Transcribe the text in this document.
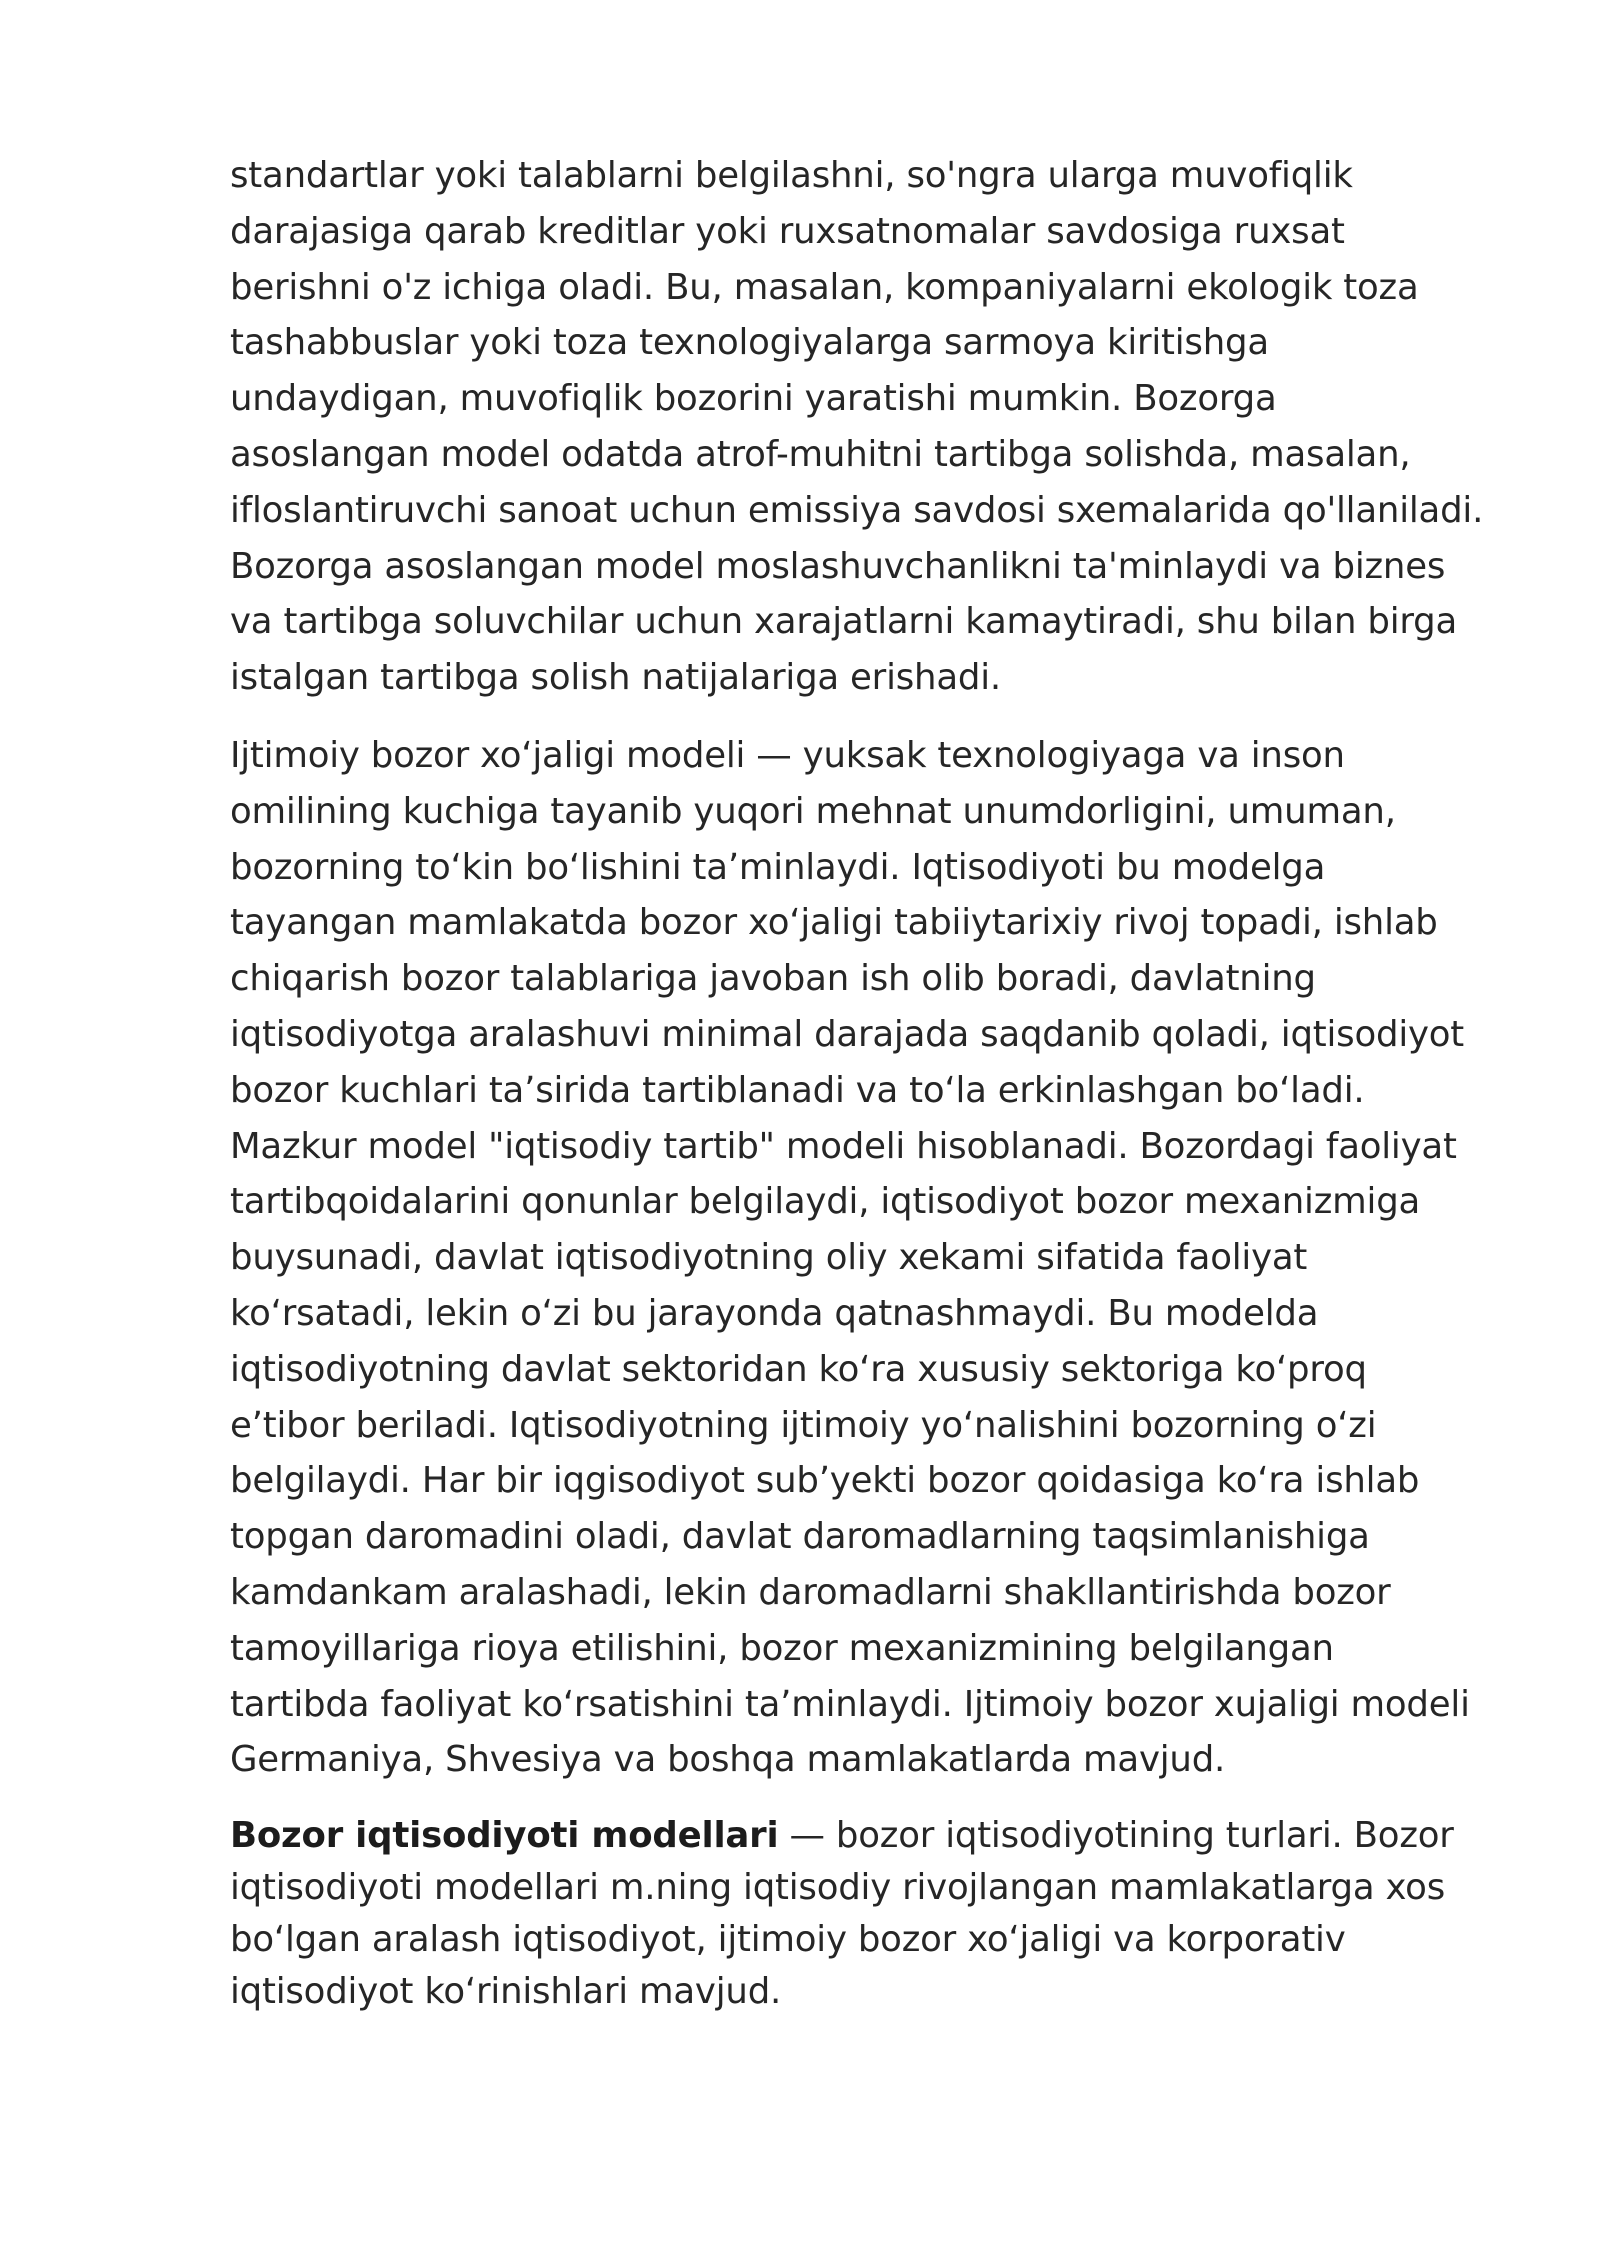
standartlar yoki talablarni belgilashni, so'ngra ularga muvofiqlik
darajasiga qarab kreditlar yoki ruxsatnomalar savdosiga ruxsat
berishni o'z ichiga oladi. Bu, masalan, kompaniyalarni ekologik toza
tashabbuslar yoki toza texnologiyalarga sarmoya kiritishga
undaydigan, muvofiqlik bozorini yaratishi mumkin. Bozorga
asoslangan model odatda atrof-muhitni tartibga solishda, masalan,
ifloslantiruvchi sanoat uchun emissiya savdosi sxemalarida qo'llaniladi.
Bozorga asoslangan model moslashuvchanlikni ta'minlaydi va biznes
va tartibga soluvchilar uchun xarajatlarni kamaytiradi, shu bilan birga
istalgan tartibga solish natijalariga erishadi.

Ijtimoiy bozor xoʻjaligi modeli — yuksak texnologiyaga va inson
omilining kuchiga tayanib yuqori mehnat unumdorligini, umuman,
bozorning toʻkin boʻlishini taʼminlaydi. Iqtisodiyoti bu modelga
tayangan mamlakatda bozor xoʻjaligi tabiiytarixiy rivoj topadi, ishlab
chiqarish bozor talablariga javoban ish olib boradi, davlatning
iqtisodiyotga aralashuvi minimal darajada saqdanib qoladi, iqtisodiyot
bozor kuchlari taʼsirida tartiblanadi va toʻla erkinlashgan boʻladi.
Mazkur model "iqtisodiy tartib" modeli hisoblanadi. Bozordagi faoliyat
tartibqoidalarini qonunlar belgilaydi, iqtisodiyot bozor mexanizmiga
buysunadi, davlat iqtisodiyotning oliy xekami sifatida faoliyat
koʻrsatadi, lekin oʻzi bu jarayonda qatnashmaydi. Bu modelda
iqtisodiyotning davlat sektoridan koʻra xususiy sektoriga koʻproq
eʼtibor beriladi. Iqtisodiyotning ijtimoiy yoʻnalishini bozorning oʻzi
belgilaydi. Har bir iqgisodiyot subʼyekti bozor qoidasiga koʻra ishlab
topgan daromadini oladi, davlat daromadlarning taqsimlanishiga
kamdankam aralashadi, lekin daromadlarni shakllantirishda bozor
tamoyillariga rioya etilishini, bozor mexanizmining belgilangan
tartibda faoliyat koʻrsatishini taʼminlaydi. Ijtimoiy bozor xujaligi modeli
Germaniya, Shvesiya va boshqa mamlakatlarda mavjud.

Bozor iqtisodiyoti modellari — bozor iqtisodiyotining turlari. Bozor
iqtisodiyoti modellari m.ning iqtisodiy rivojlangan mamlakatlarga xos
boʻlgan aralash iqtisodiyot, ijtimoiy bozor xoʻjaligi va korporativ
iqtisodiyot koʻrinishlari mavjud.
